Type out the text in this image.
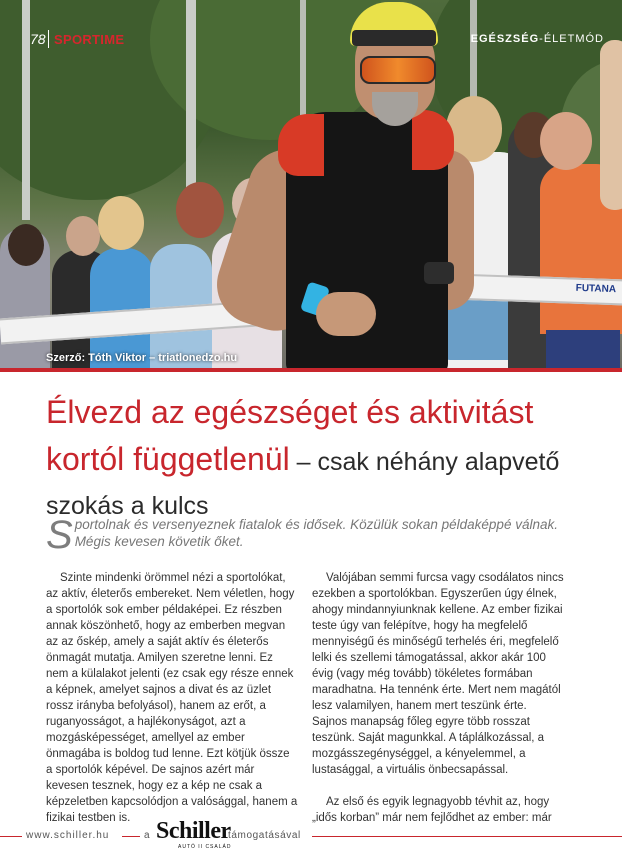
FUTANA
78 SPORTIME	EGÉSZSÉG-ÉLETMÓD
Szerző: Tóth Viktor – triatlonedzo.hu
Élvezd az egészséget és aktivitást kortól függetlenül – csak néhány alapvető szokás a kulcs
Sportolnak és versenyeznek fiatalok és idősek. Közülük sokan példaképpé válnak. Mégis kevesen követik őket.

Szinte mindenki örömmel nézi a sportolókat, az aktív, életerős embereket. Nem véletlen, hogy a sportolók sok ember példaképei. Ez részben annak köszönhető, hogy az emberben megvan az az őskép, amely a saját aktív és életerős önmagát mutatja. Amilyen szeretne lenni. Ez nem a külalakot jelenti (ez csak egy része ennek a képnek, amelyet sajnos a divat és az üzlet rossz irányba befolyásol), hanem az erőt, a ruganyosságot, a hajlékonyságot, azt a mozgásképességet, amellyel az ember önmagába is boldog tud lenne. Ezt kötjük össze a sportolók képével. De sajnos azért már kevesen tesznek, hogy ez a kép ne csak a képzeletben kapcsolódjon a valósággal, hanem a fizikai testben is.

Valójában semmi furcsa vagy csodálatos nincs ezekben a sportolókban. Egyszerűen úgy élnek, ahogy mindannyiunknak kellene. Az ember fizikai teste úgy van felépítve, hogy ha megfelelő mennyiségű és minőségű terhelés éri, megfelelő lelki és szellemi támogatással, akkor akár 100 évig (vagy még tovább) tökéletes formában maradhatna. Ha tennénk érte. Mert nem magától lesz valamilyen, hanem mert teszünk érte. Sajnos manapság főleg egyre több rosszat teszünk. Saját magunkkal. A táplálkozással, a mozgásszegénységgel, a kényelemmel, a lustasággal, a virtuális önbecsapással.

Az első és egyik legnagyobb tévhit az, hogy „idős korban” már nem fejlődhet az ember: már

www.schiller.hu	a Schiller
AUTÓ II CSALÁD
támogatásával
